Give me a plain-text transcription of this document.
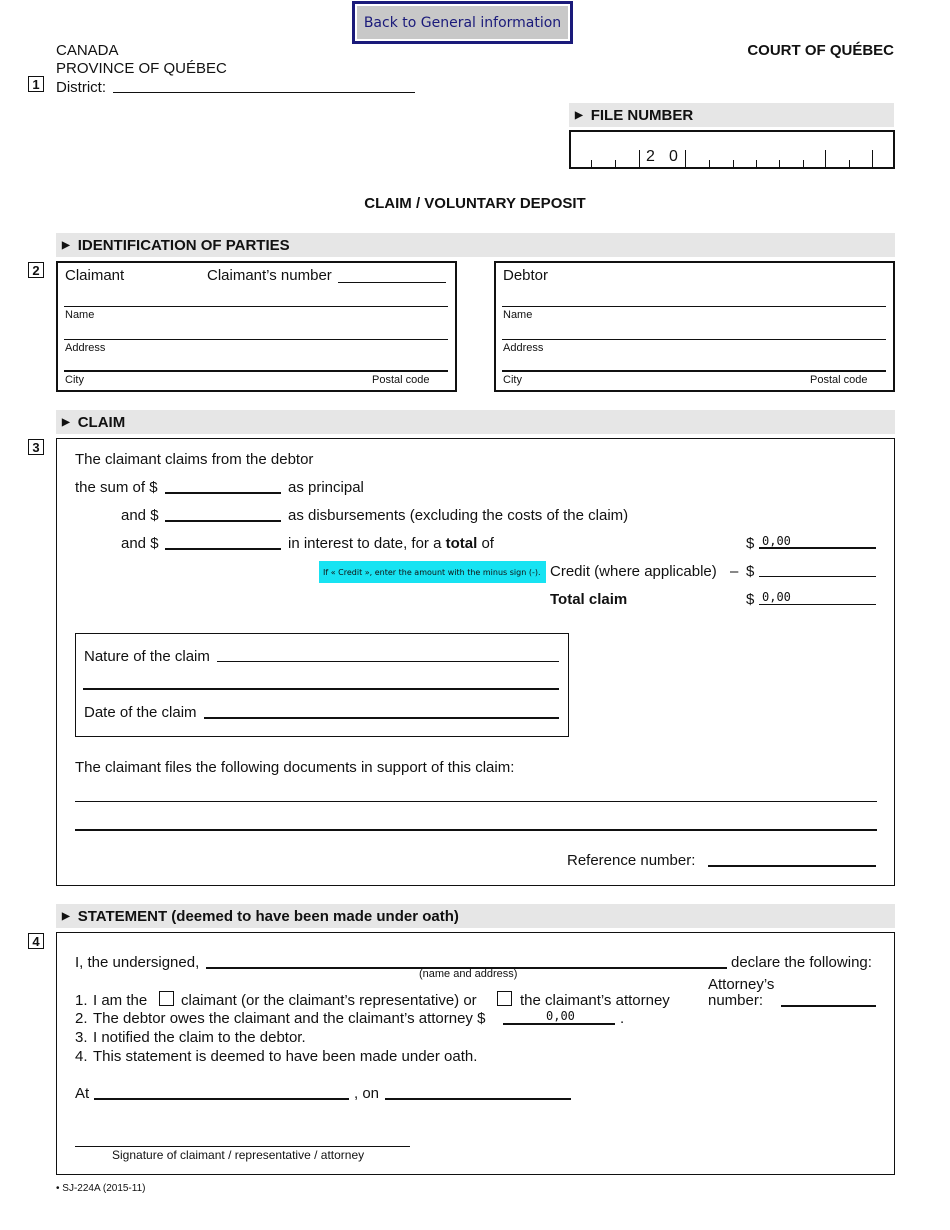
Back to General information
CANADA
PROVINCE OF QUÉBEC
1 District:
COURT OF QUÉBEC
▶ FILE NUMBER
2 0
CLAIM / VOLUNTARY DEPOSIT
▶ IDENTIFICATION OF PARTIES
2 Claimant	Claimant’s number
Name
Address
City	Postal code
Debtor
Name
Address
City	Postal code
▶ CLAIM
3
The claimant claims from the debtor
the sum of $	as principal
and $	as disbursements (excluding the costs of the claim)
and $	in interest to date, for a total of	$ 0,00
If « Credit », enter the amount with the minus sign (-). Credit (where applicable) – $
Total claim	$ 0,00
Nature of the claim
Date of the claim
The claimant files the following documents in support of this claim:
Reference number:
▶ STATEMENT (deemed to have been made under oath)
4
I, the undersigned,	declare the following:
(name and address)
Attorney’s
number:
1. I am the claimant (or the claimant’s representative) or	the claimant’s attorney
2. The debtor owes the claimant and the claimant’s attorney $	0,00	.
3. I notified the claim to the debtor.
4. This statement is deemed to have been made under oath.
At	, on
Signature of claimant / representative / attorney
• SJ-224A (2015-11)
